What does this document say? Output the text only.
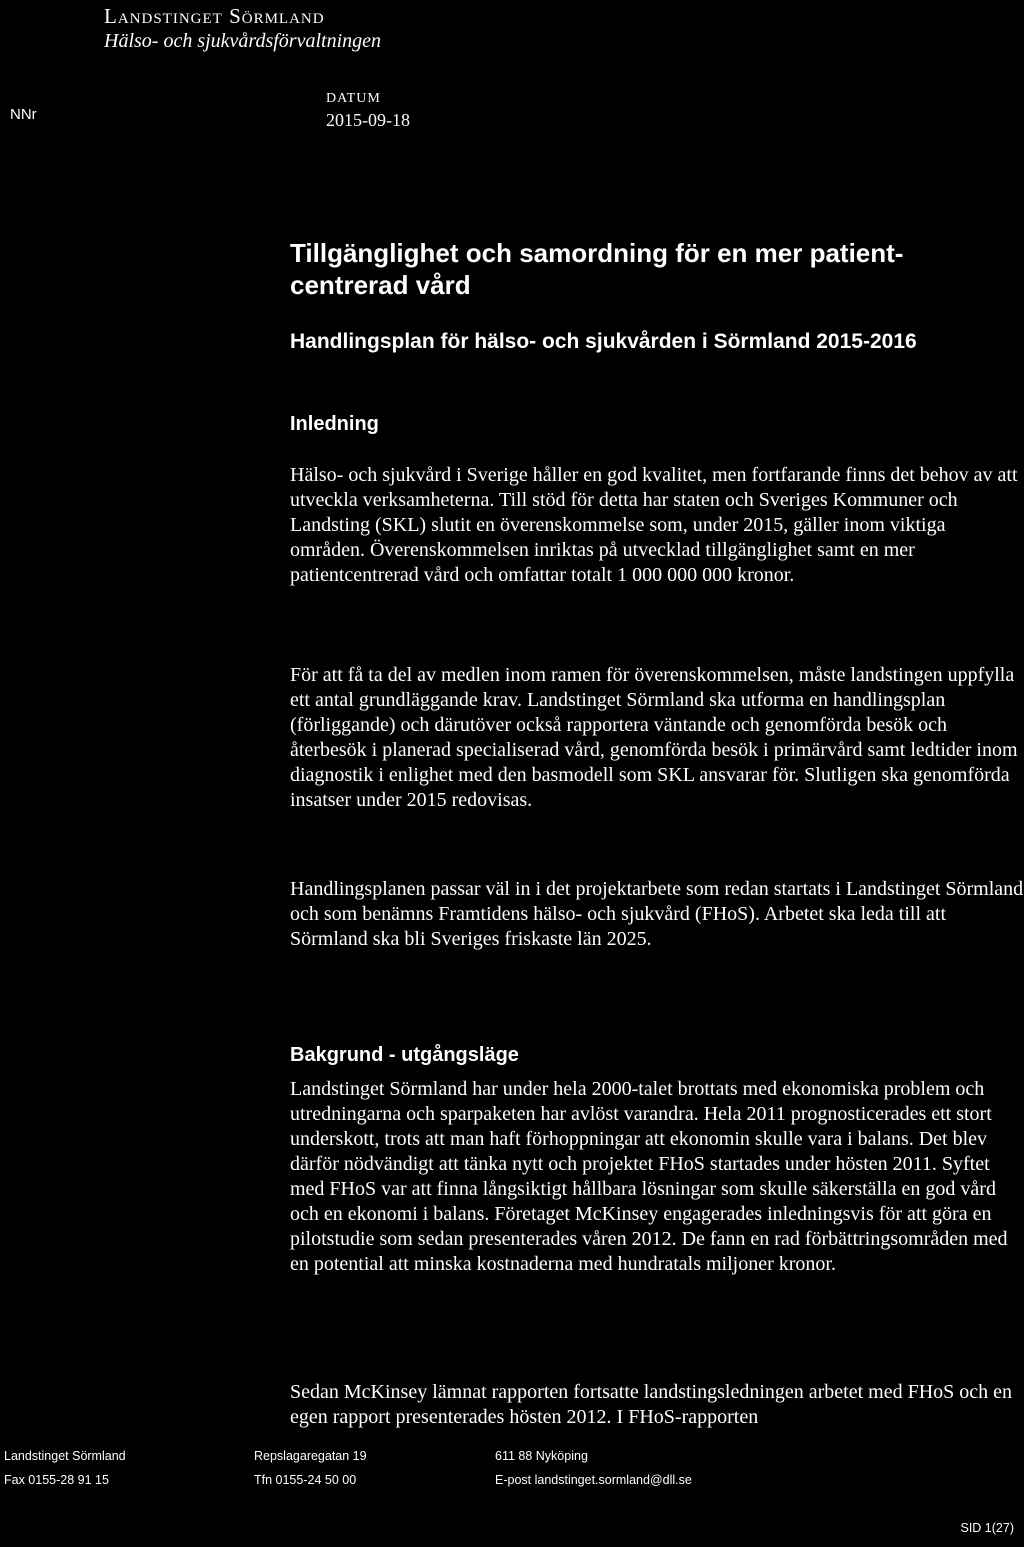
Landstinget Sörmland
Hälso- och sjukvårdsförvaltningen
NNr
DATUM
2015-09-18
Tillgänglighet och samordning för en mer patient-centrerad vård
Handlingsplan för hälso- och sjukvården i Sörmland 2015-2016
Inledning

Hälso- och sjukvård i Sverige håller en god kvalitet, men fortfarande finns det behov av att utveckla verksamheterna. Till stöd för detta har staten och Sveriges Kommuner och Landsting (SKL) slutit en överenskommelse som, under 2015, gäller inom viktiga områden. Överenskommelsen inriktas på utvecklad tillgänglighet samt en mer patientcentrerad vård och omfattar totalt 1 000 000 000 kronor.

För att få ta del av medlen inom ramen för överenskommelsen, måste landstingen uppfylla ett antal grundläggande krav. Landstinget Sörmland ska utforma en handlingsplan (förliggande) och därutöver också rapportera väntande och genomförda besök och återbesök i planerad specialiserad vård, genomförda besök i primärvård samt ledtider inom diagnostik i enlighet med den basmodell som SKL ansvarar för. Slutligen ska genomförda insatser under 2015 redovisas.

Handlingsplanen passar väl in i det projektarbete som redan startats i Landstinget Sörmland och som benämns Framtidens hälso- och sjukvård (FHoS). Arbetet ska leda till att Sörmland ska bli Sveriges friskaste län 2025.

Bakgrund - utgångsläge

Landstinget Sörmland har under hela 2000-talet brottats med ekonomiska problem och utredningarna och sparpaketen har avlöst varandra. Hela 2011 prognosticerades ett stort underskott, trots att man haft förhoppningar att ekonomin skulle vara i balans. Det blev därför nödvändigt att tänka nytt och projektet FHoS startades under hösten 2011. Syftet med FHoS var att finna långsiktigt hållbara lösningar som skulle säkerställa en god vård och en ekonomi i balans. Företaget McKinsey engagerades inledningsvis för att göra en pilotstudie som sedan presenterades våren 2012. De fann en rad förbättringsområden med en potential att minska kostnaderna med hundratals miljoner kronor.

Sedan McKinsey lämnat rapporten fortsatte landstingsledningen arbetet med FHoS och en egen rapport presenterades hösten 2012. I FHoS-rapporten

Landstinget Sörmland
Fax 0155-28 91 15
Repslagaregatan 19
Tfn 0155-24 50 00
611 88 Nyköping
E-post landstinget.sormland@dll.se
SID 1(27)
